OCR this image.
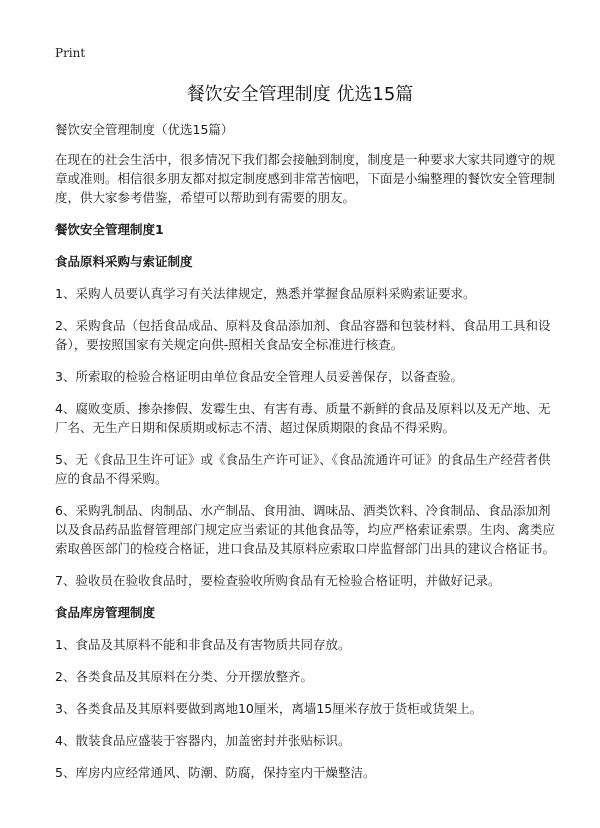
Print
餐饮安全管理制度 优选15篇

餐饮安全管理制度（优选15篇）

在现在的社会生活中，很多情况下我们都会接触到制度，制度是一种要求大家共同遵守的规章或准则。相信很多朋友都对拟定制度感到非常苦恼吧，下面是小编整理的餐饮安全管理制度，供大家参考借鉴，希望可以帮助到有需要的朋友。

餐饮安全管理制度1

食品原料采购与索证制度

1、采购人员要认真学习有关法律规定，熟悉并掌握食品原料采购索证要求。

2、采购食品（包括食品成品、原料及食品添加剂、食品容器和包装材料、食品用工具和设备），要按照国家有关规定向供-照相关食品安全标准进行核查。

3、所索取的检验合格证明由单位食品安全管理人员妥善保存，以备查验。

4、腐败变质、掺杂掺假、发霉生虫、有害有毒、质量不新鲜的食品及原料以及无产地、无厂名、无生产日期和保质期或标志不清、超过保质期限的食品不得采购。

5、无《食品卫生许可证》或《食品生产许可证》、《食品流通许可证》的食品生产经营者供应的食品不得采购。

6、采购乳制品、肉制品、水产制品、食用油、调味品、酒类饮料、冷食制品、食品添加剂以及食品药品监督管理部门规定应当索证的其他食品等，均应严格索证索票。生肉、禽类应索取兽医部门的检疫合格证，进口食品及其原料应索取口岸监督部门出具的建议合格证书。

7、验收员在验收食品时，要检查验收所购食品有无检验合格证明，并做好记录。

食品库房管理制度

1、食品及其原料不能和非食品及有害物质共同存放。

2、各类食品及其原料在分类、分开摆放整齐。

3、各类食品及其原料要做到离地10厘米，离墙15厘米存放于货柜或货架上。

4、散装食品应盛装于容器内，加盖密封并张贴标识。

5、库房内应经常通风、防潮、防腐，保持室内干燥整洁。
